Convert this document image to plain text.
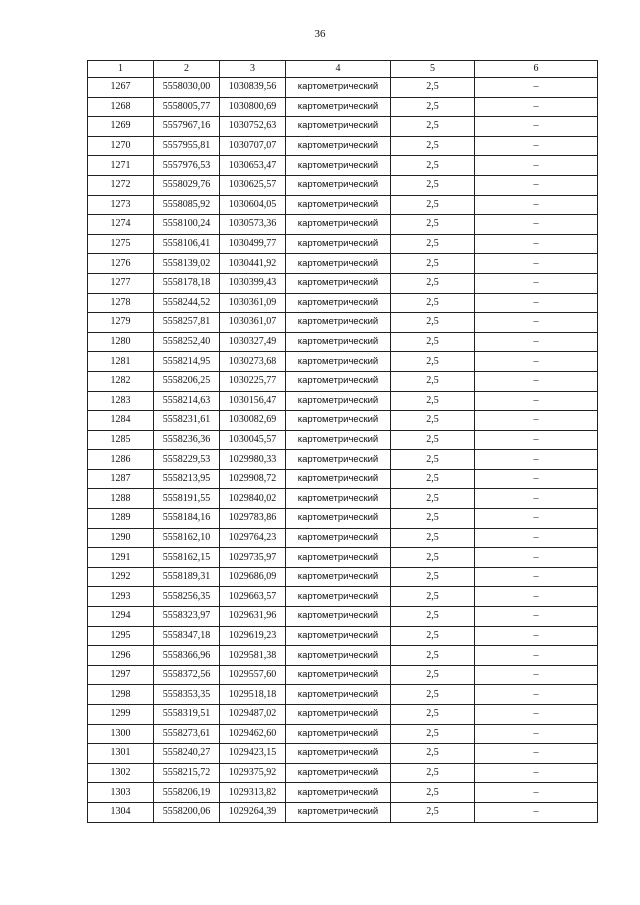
36
1	2	3	4	5	6
1267	5558030,00	1030839,56	картометрический	2,5	–
1268	5558005,77	1030800,69	картометрический	2,5	–
1269	5557967,16	1030752,63	картометрический	2,5	–
1270	5557955,81	1030707,07	картометрический	2,5	–
1271	5557976,53	1030653,47	картометрический	2,5	–
1272	5558029,76	1030625,57	картометрический	2,5	–
1273	5558085,92	1030604,05	картометрический	2,5	–
1274	5558100,24	1030573,36	картометрический	2,5	–
1275	5558106,41	1030499,77	картометрический	2,5	–
1276	5558139,02	1030441,92	картометрический	2,5	–
1277	5558178,18	1030399,43	картометрический	2,5	–
1278	5558244,52	1030361,09	картометрический	2,5	–
1279	5558257,81	1030361,07	картометрический	2,5	–
1280	5558252,40	1030327,49	картометрический	2,5	–
1281	5558214,95	1030273,68	картометрический	2,5	–
1282	5558206,25	1030225,77	картометрический	2,5	–
1283	5558214,63	1030156,47	картометрический	2,5	–
1284	5558231,61	1030082,69	картометрический	2,5	–
1285	5558236,36	1030045,57	картометрический	2,5	–
1286	5558229,53	1029980,33	картометрический	2,5	–
1287	5558213,95	1029908,72	картометрический	2,5	–
1288	5558191,55	1029840,02	картометрический	2,5	–
1289	5558184,16	1029783,86	картометрический	2,5	–
1290	5558162,10	1029764,23	картометрический	2,5	–
1291	5558162,15	1029735,97	картометрический	2,5	–
1292	5558189,31	1029686,09	картометрический	2,5	–
1293	5558256,35	1029663,57	картометрический	2,5	–
1294	5558323,97	1029631,96	картометрический	2,5	–
1295	5558347,18	1029619,23	картометрический	2,5	–
1296	5558366,96	1029581,38	картометрический	2,5	–
1297	5558372,56	1029557,60	картометрический	2,5	–
1298	5558353,35	1029518,18	картометрический	2,5	–
1299	5558319,51	1029487,02	картометрический	2,5	–
1300	5558273,61	1029462,60	картометрический	2,5	–
1301	5558240,27	1029423,15	картометрический	2,5	–
1302	5558215,72	1029375,92	картометрический	2,5	–
1303	5558206,19	1029313,82	картометрический	2,5	–
1304	5558200,06	1029264,39	картометрический	2,5	–
